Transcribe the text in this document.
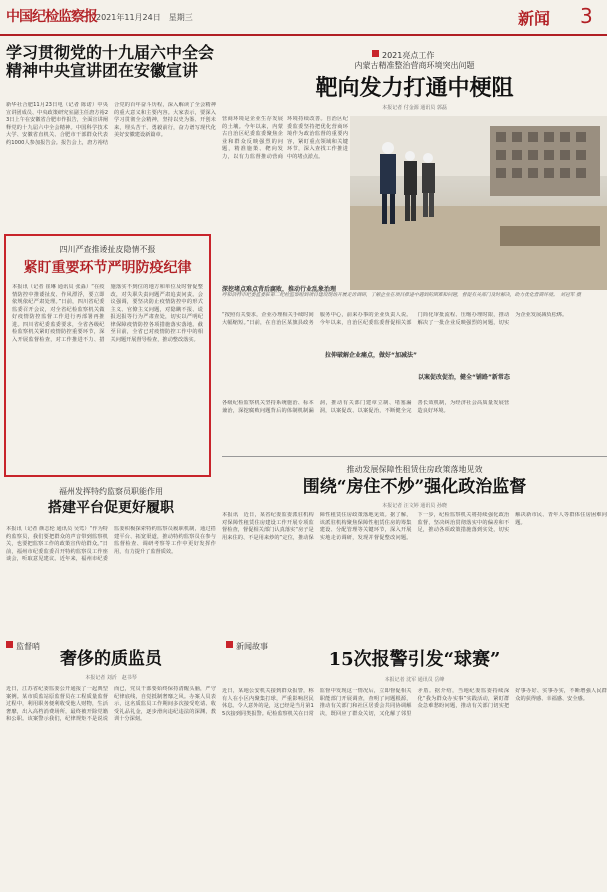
中国纪检监察报 2021年11月24日　星期三	新闻 3
学习贯彻党的十九届六中全会
精神中央宣讲团在安徽宣讲
新华社合肥11月23日电（记者 陈诺）中央宣讲团成员、中央政策研究室副主任唐方裕23日上午在安徽省合肥市作报告，全面宣讲阐释党的十九届六中全会精神。中国科学技术大学、安徽省直机关、合肥市干部群众代表约1000人参加报告会。报告会上，唐方裕结合党的百年奋斗历程，深入解读了全会精神的重大意义和主要内容。大家表示，要深入学习贯彻全会精神，坚持以史为鉴、开创未来，埋头苦干、勇毅前行，奋力谱写现代化美好安徽建设新篇章。
四川严查推诿扯皮隐情不报
紧盯重要环节严明防疫纪律
本报讯（记者 崔琳 通讯员 张淼）“在疫情防控中推诿扯皮、作风漂浮，要立即依规依纪严肃处理。”日前，四川省纪委监委召开会议，对全省纪检监察机关做好疫情防控监督工作进行再部署再推进。四川省纪委监委要求，全省各级纪检监察机关紧盯疫情防控重要环节，深入开展监督检查，对工作推进不力、措施落实不到位的地方和单位及时督促整改，对失职失责问题严肃追责问责。会议强调，要坚决防止疫情防控中的形式主义、官僚主义问题，对隐瞒不报、谎报迟报等行为严肃查处，切实以严明纪律保障疫情防控各项措施落实落地。截至目前，全省已对疫情防控工作中的相关问题开展督导检查，推动整改落实。
福州发挥特约监察员职能作用
搭建平台促更好履职
本报讯（记者 颜志伦 通讯员 吴莺）“作为特约监察员，我们要把群众的声音带到监察机关，也要把监察工作的政策宣传给群众。”日前，福州市纪委监委召开特约监察员工作座谈会，听取意见建议。近年来，福州市纪委监委积极探索特约监察员履职机制，通过搭建平台、拓宽渠道，推动特约监察员在参与监督检查、调研考察等工作中更好发挥作用，有力提升了监督质效。
监督哨
奢侈的质监员
本报记者 刘沂　赵书琴
近日，江苏省纪委监委公开通报了一起典型案例。某市质监站原监督员在工程质量监督过程中，利用职务便利收受他人财物，生活奢靡，出入高档消费场所，最终被开除党籍和公职。该案警示我们，纪律规矩不是说说而已，党员干部要始终保持清醒头脑，严守纪律底线，自觉抵制奢靡之风。办案人员表示，这名质监员工作期间多次接受吃请、收受礼品礼金，逐步滑向违纪违法的深渊，教训十分深刻。
2021亮点工作
内蒙古精准整治营商环境突出问题
靶向发力打通中梗阻
本报记者 付金源 通讯员 郭磊
营商环境是企业生存发展的土壤。今年以来，内蒙古自治区纪委监委聚焦企业和群众反映强烈的问题，精准施策、靶向发力，以有力监督推动营商环境持续改善。自治区纪委监委坚持把优化营商环境作为政治监督的重要内容，紧盯重点领域和关键环节，深入查找工作推进中的堵点淤点。
深挖堵点难点背后腐败，推动行业乱象治理
呼和浩特市纪委监委驻第二纪检监察组到项目建设现场开展走访调研，了解企业在项目推进中遇到的困难和问题，督促有关部门及时解决，助力优化营商环境。　刘冠军 摄
“按照有关要求，企业办理相关手续时间大幅缩短。”日前，在自治区某旗县政务服务中心，前来办事的企业负责人说。今年以来，自治区纪委监委督促相关部门简化审批流程、压缩办理时限，推动解决了一批企业反映强烈的问题，切实为企业发展减负松绑。
拉伸破解企业痛点，做好“加减法”
以案促改促治，健全“铺路”新常态
各级纪检监察机关坚持系统施治、标本兼治，深挖腐败问题背后的体制机制漏洞，推动有关部门建章立制、堵塞漏洞，以案促改、以案促治，不断健全完善长效机制，为经济社会高质量发展营造良好环境。
推动发展保障性租赁住房政策落地见效
围绕“房住不炒”强化政治监督
本报记者 汪文婷 通讯员 孙晓
本报讯　近日，某省纪委监委派驻机构对保障性租赁住房建设工作开展专项监督检查，督促相关部门认真落实“房子是用来住的、不是用来炒的”定位，推动保障性租赁住房政策落地见效。据了解，该派驻机构聚焦保障性租赁住房的筹集建设、分配管理等关键环节，深入开展实地走访调研，发现并督促整改问题。下一步，纪检监察机关将持续强化政治监督，坚决纠治贯彻落实中的偏差和不足，推动各项政策措施落到实处，切实解决新市民、青年人等群体住房困难问题。
新闻故事
15次报警引发“球赛”
本报记者 沈军 通讯员 岳峰
近日，某地公安机关接到群众报警，称有人在小区内聚集打球，严重影响居民休息。令人意外的是，这已经是当月第15次接到同类报警。纪检监察机关在日常监督中发现这一情况后，立即督促相关职能部门开展调查，查明了问题根源，推动有关部门和社区居委会共同协调解决，既回应了群众关切，又化解了邻里矛盾。据介绍，当地纪委监委持续深化“我为群众办实事”实践活动，紧盯群众急难愁盼问题，推动有关部门切实把好事办好、实事办实，不断增强人民群众的获得感、幸福感、安全感。
